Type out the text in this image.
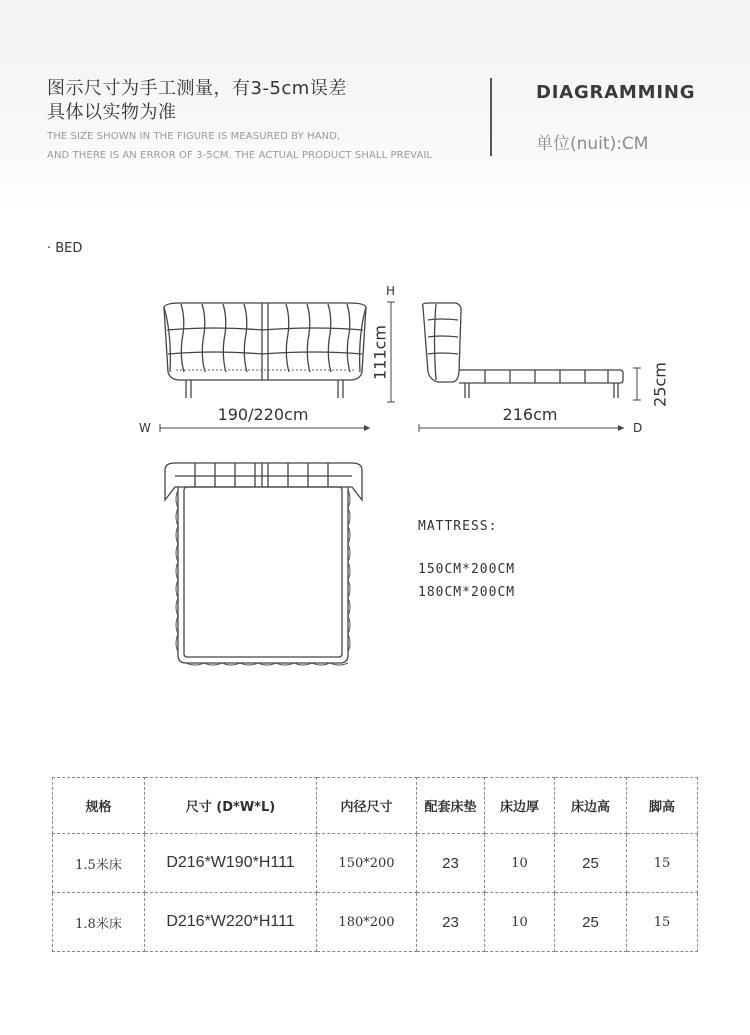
图示尺寸为手工测量，有3-5cm误差
具体以实物为准
THE SIZE SHOWN IN THE FIGURE IS MEASURED BY HAND,
AND THERE IS AN ERROR OF 3-5CM. THE ACTUAL PRODUCT SHALL PREVAIL
DIAGRAMMING
单位(nuit):CM
· BED
H
111cm
W
190/220cm
25cm
216cm
D
MATTRESS:
150CM*200CM
180CM*200CM
规格	尺寸 (D*W*L)	内径尺寸	配套床垫	床边厚	床边高	脚高
1.5米床	D216*W190*H111	150*200	23	10	25	15
1.8米床	D216*W220*H111	180*200	23	10	25	15
